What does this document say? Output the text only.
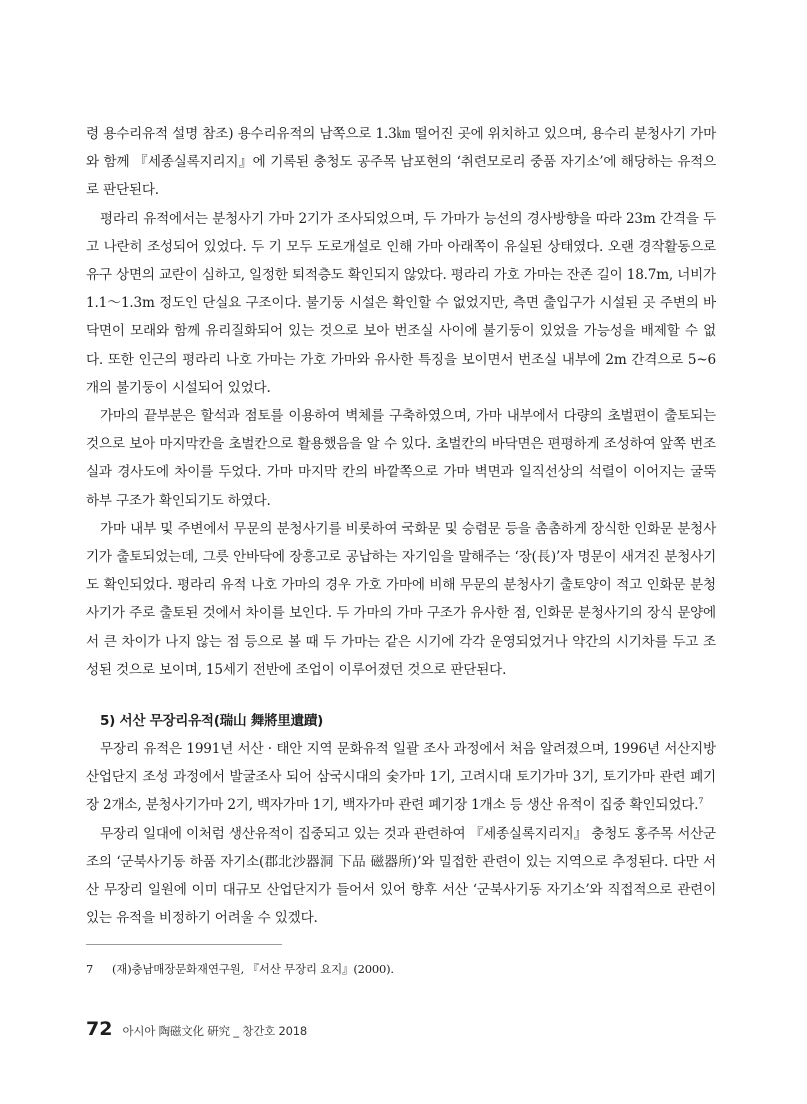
령 용수리유적 설명 참조) 용수리유적의 남쪽으로 1.3㎞ 떨어진 곳에 위치하고 있으며, 용수리 분청사기 가마와 함께 『세종실록지리지』에 기록된 충청도 공주목 남포현의 ‘취련모로리 중품 자기소’에 해당하는 유적으로 판단된다.

평라리 유적에서는 분청사기 가마 2기가 조사되었으며, 두 가마가 능선의 경사방향을 따라 23m 간격을 두고 나란히 조성되어 있었다. 두 기 모두 도로개설로 인해 가마 아래쪽이 유실된 상태였다. 오랜 경작활동으로 유구 상면의 교란이 심하고, 일정한 퇴적층도 확인되지 않았다. 평라리 가호 가마는 잔존 길이 18.7m, 너비가 1.1～1.3m 정도인 단실요 구조이다. 불기둥 시설은 확인할 수 없었지만, 측면 출입구가 시설된 곳 주변의 바닥면이 모래와 함께 유리질화되어 있는 것으로 보아 번조실 사이에 불기둥이 있었을 가능성을 배제할 수 없다. 또한 인근의 평라리 나호 가마는 가호 가마와 유사한 특징을 보이면서 번조실 내부에 2m 간격으로 5~6개의 불기둥이 시설되어 있었다.

가마의 끝부분은 할석과 점토를 이용하여 벽체를 구축하였으며, 가마 내부에서 다량의 초벌편이 출토되는 것으로 보아 마지막칸을 초벌칸으로 활용했음을 알 수 있다. 초벌칸의 바닥면은 편평하게 조성하여 앞쪽 번조실과 경사도에 차이를 두었다. 가마 마지막 칸의 바깥쪽으로 가마 벽면과 일직선상의 석렬이 이어지는 굴뚝 하부 구조가 확인되기도 하였다.

가마 내부 및 주변에서 무문의 분청사기를 비롯하여 국화문 및 승렴문 등을 촘촘하게 장식한 인화문 분청사기가 출토되었는데, 그릇 안바닥에 장흥고로 공납하는 자기임을 말해주는 ‘장(長)’자 명문이 새겨진 분청사기도 확인되었다. 평라리 유적 나호 가마의 경우 가호 가마에 비해 무문의 분청사기 출토양이 적고 인화문 분청사기가 주로 출토된 것에서 차이를 보인다. 두 가마의 가마 구조가 유사한 점, 인화문 분청사기의 장식 문양에서 큰 차이가 나지 않는 점 등으로 볼 때 두 가마는 같은 시기에 각각 운영되었거나 약간의 시기차를 두고 조성된 것으로 보이며, 15세기 전반에 조업이 이루어졌던 것으로 판단된다.

5) 서산 무장리유적(瑞山 舞將里遺蹟)

무장리 유적은 1991년 서산 · 태안 지역 문화유적 일괄 조사 과정에서 처음 알려졌으며, 1996년 서산지방산업단지 조성 과정에서 발굴조사 되어 삼국시대의 숯가마 1기, 고려시대 토기가마 3기, 토기가마 관련 폐기장 2개소, 분청사기가마 2기, 백자가마 1기, 백자가마 관련 폐기장 1개소 등 생산 유적이 집중 확인되었다.$^7$

무장리 일대에 이처럼 생산유적이 집중되고 있는 것과 관련하여 『세종실록지리지』 충청도 홍주목 서산군조의 ‘군북사기동 하품 자기소(郡北沙器洞 下品 磁器所)’와 밀접한 관련이 있는 지역으로 추정된다. 다만 서산 무장리 일원에 이미 대규모 산업단지가 들어서 있어 향후 서산 ‘군북사기동 자기소’와 직접적으로 관련이 있는 유적을 비정하기 어려울 수 있겠다.

7 (재)충남매장문화재연구원, 『서산 무장리 요지』(2000).
72 아시아 陶磁文化 硏究 _ 창간호 2018
